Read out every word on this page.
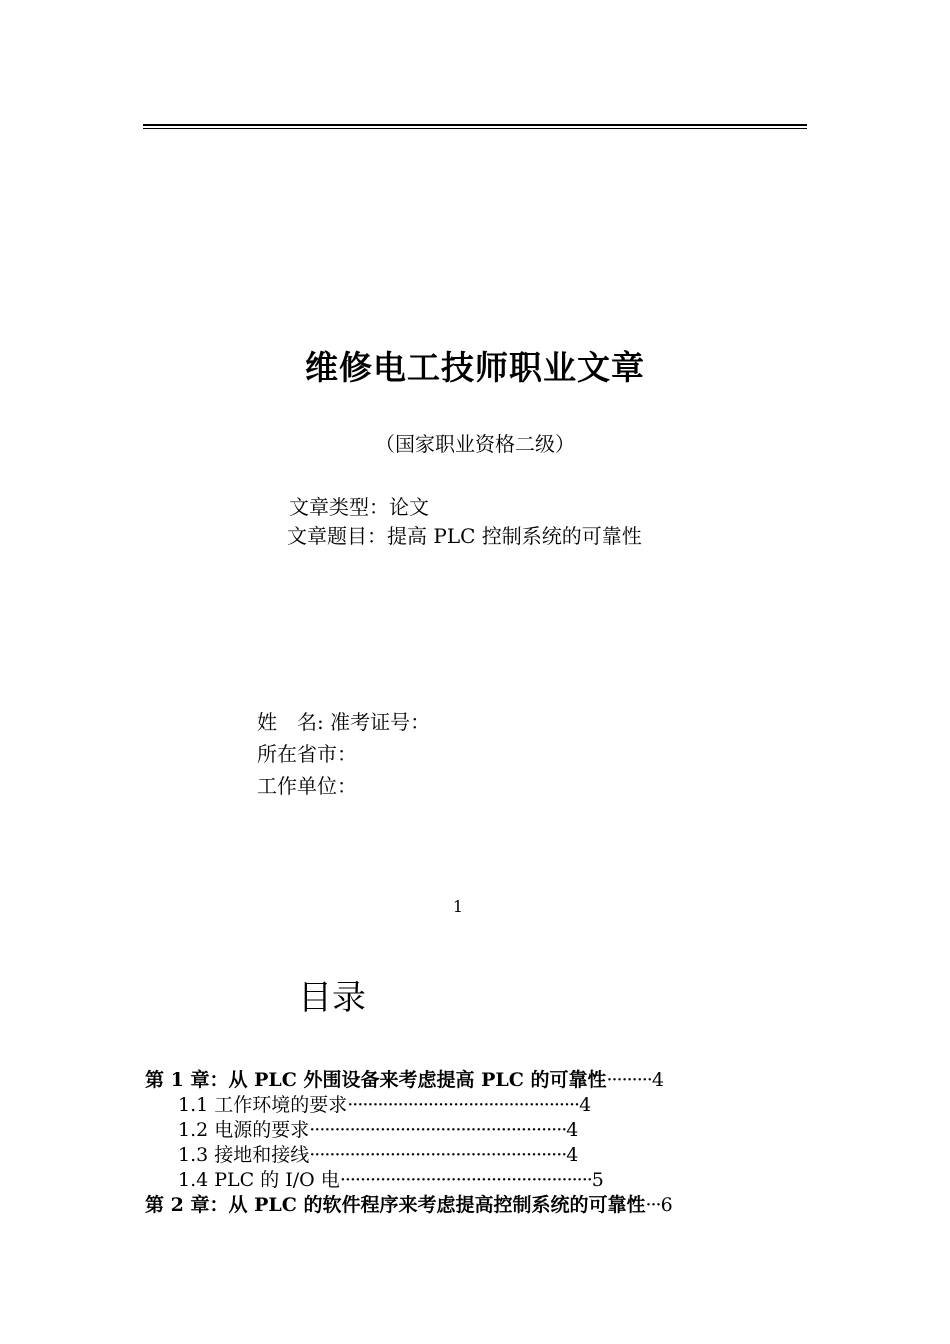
维修电工技师职业文章
（国家职业资格二级）
文章类型：论文
文章题目：提高 PLC 控制系统的可靠性
姓　名: 准考证号：
所在省市：
工作单位：
1
目录
第 1 章：从 PLC 外围设备来考虑提高 PLC 的可靠性·········4
1.1 工作环境的要求··············································4
1.2 电源的要求···················································4
1.3 接地和接线···················································4
1.4 PLC 的 I/O 电··················································5
第 2 章：从 PLC 的软件程序来考虑提高控制系统的可靠性···6
